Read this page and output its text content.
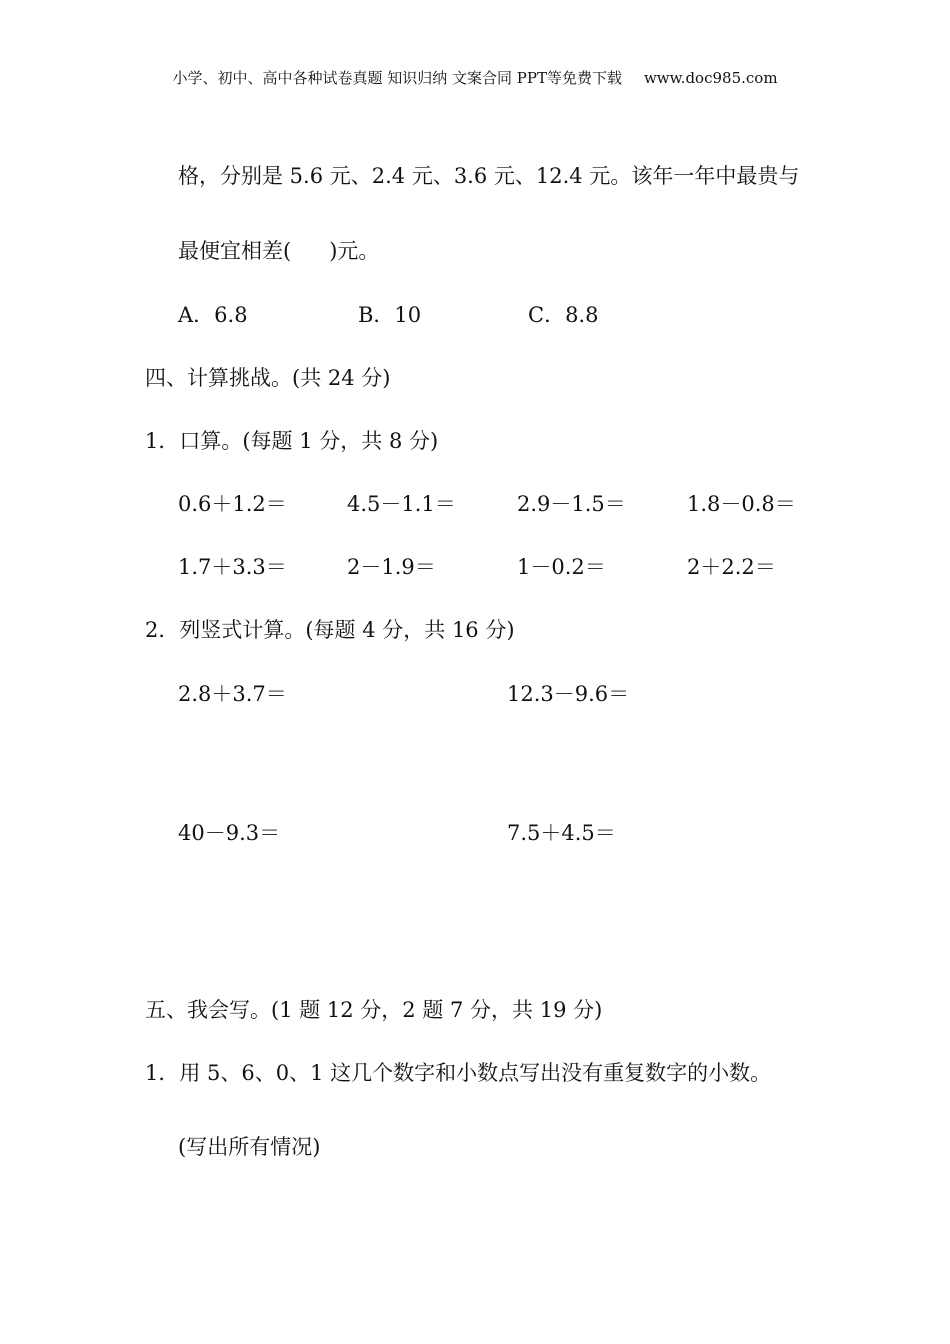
小学、初中、高中各种试卷真题 知识归纳 文案合同 PPT等免费下载 www.doc985.com
格，分别是 5.6 元、2.4 元、3.6 元、12.4 元。该年一年中最贵与
最便宜相差( )元。
A．6.8	B．10	C．8.8
四、计算挑战。(共 24 分)
1．口算。(每题 1 分，共 8 分)
0.6＋1.2＝	4.5－1.1＝	2.9－1.5＝	1.8－0.8＝
1.7＋3.3＝	2－1.9＝	1－0.2＝	2＋2.2＝
2．列竖式计算。(每题 4 分，共 16 分)
2.8＋3.7＝	12.3－9.6＝
40－9.3＝	7.5＋4.5＝
五、我会写。(1 题 12 分，2 题 7 分，共 19 分)
1．用 5、6、0、1 这几个数字和小数点写出没有重复数字的小数。
(写出所有情况)
